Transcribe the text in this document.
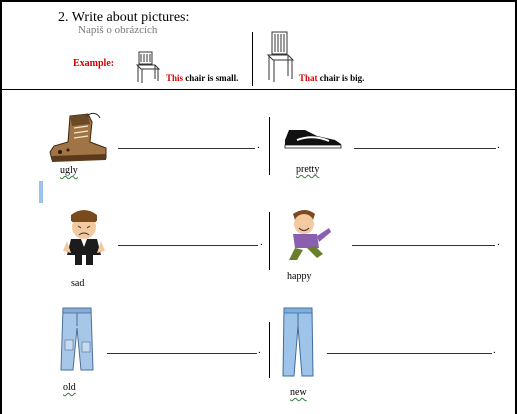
2. Write about pictures:
Napiš o obrázcích
Example:
This chair is small.	That chair is big.
.
ugly
.
pretty
.
sad
.
happy
.
old
.
new
